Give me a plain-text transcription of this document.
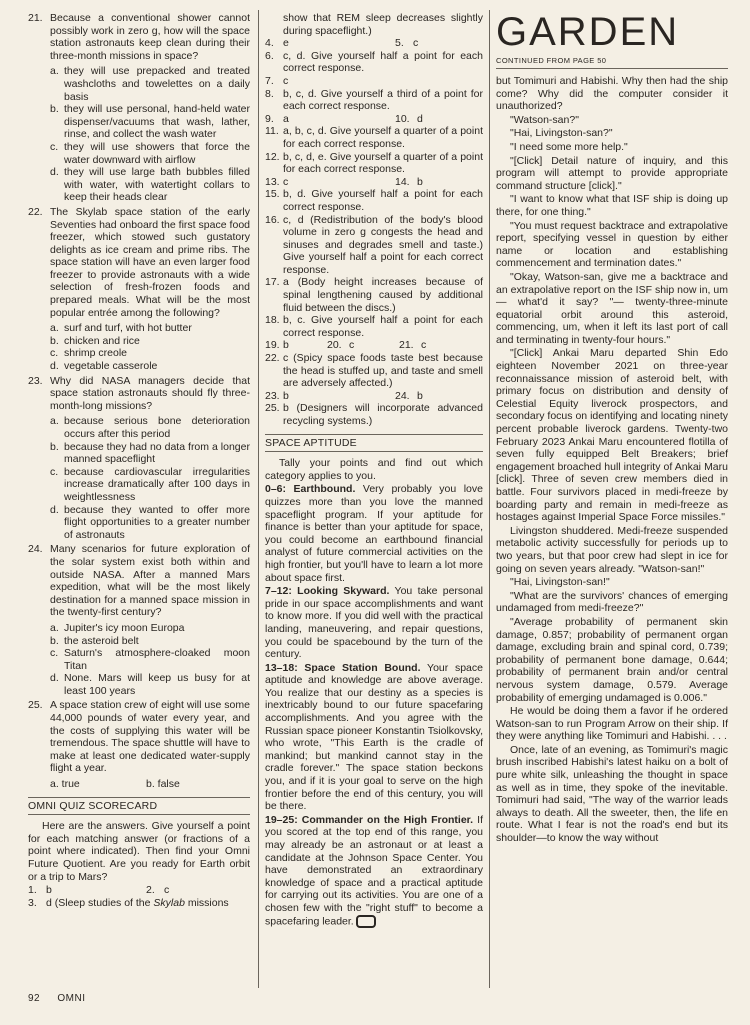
21. Because a conventional shower cannot possibly work in zero g, how will the space station astronauts keep clean during their three-month missions in space?
a. they will use prepacked and treated washcloths and towelettes on a daily basis
b. they will use personal, hand-held water dispenser/vacuums that wash, lather, rinse, and collect the wash water
c. they will use showers that force the water downward with airflow
d. they will use large bath bubbles filled with water, with watertight collars to keep their heads clear
22. The Skylab space station of the early Seventies had onboard the first space food freezer, which stowed such gustatory delights as ice cream and prime ribs. The space station will have an even larger food freezer to provide astronauts with a wide selection of fresh-frozen foods and prepared meals. What will be the most popular entrée among the following?
a. surf and turf, with hot butter
b. chicken and rice
c. shrimp creole
d. vegetable casserole
23. Why did NASA managers decide that space station astronauts should fly three-month-long missions?
a. because serious bone deterioration occurs after this period
b. because they had no data from a longer manned spaceflight
c. because cardiovascular irregularities increase dramatically after 100 days in weightlessness
d. because they wanted to offer more flight opportunities to a greater number of astronauts
24. Many scenarios for future exploration of the solar system exist both within and outside NASA. After a manned Mars expedition, what will be the most likely destination for a manned space mission in the twenty-first century?
a. Jupiter's icy moon Europa
b. the asteroid belt
c. Saturn's atmosphere-cloaked moon Titan
d. None. Mars will keep us busy for at least 100 years
25. A space station crew of eight will use some 44,000 pounds of water every year, and the costs of supplying this water will be tremendous. The space shuttle will have to make at least one dedicated water-supply flight a year.
a. true	b. false
OMNI QUIZ SCORECARD
Here are the answers. Give yourself a point for each matching answer (or fractions of a point where indicated). Then find your Omni Future Quotient. Are you ready for Earth orbit or a trip to Mars?
1. b	2. c
3. d (Sleep studies of the Skylab missions
show that REM sleep decreases slightly during spaceflight.)
4. e	5. c
6. c, d. Give yourself half a point for each correct response.
7. c
8. b, c, d. Give yourself a third of a point for each correct response.
9. a	10. d
11. a, b, c, d. Give yourself a quarter of a point for each correct response.
12. b, c, d, e. Give yourself a quarter of a point for each correct response.
13. c	14. b
15. b, d. Give yourself half a point for each correct response.
16. c, d (Redistribution of the body's blood volume in zero g congests the head and sinuses and degrades smell and taste.) Give yourself half a point for each correct response.
17. a (Body height increases because of spinal lengthening caused by additional fluid between the discs.)
18. b, c. Give yourself half a point for each correct response.
19. b	20. c	21. c
22. c (Spicy space foods taste best because the head is stuffed up, and taste and smell are adversely affected.)
23. b	24. b
25. b (Designers will incorporate advanced recycling systems.)
SPACE APTITUDE
Tally your points and find out which category applies to you.
0–6: Earthbound. Very probably you love quizzes more than you love the manned spaceflight program. If your aptitude for finance is better than your aptitude for space, you could become an earthbound financial analyst of future commercial activities on the high frontier, but you'll have to learn a lot more about space first.
7–12: Looking Skyward. You take personal pride in our space accomplishments and want to know more. If you did well with the practical landing, maneuvering, and repair questions, you could be spacebound by the turn of the century.
13–18: Space Station Bound. Your space aptitude and knowledge are above average. You realize that our destiny as a species is inextricably bound to our future spacefaring accomplishments. And you agree with the Russian space pioneer Konstantin Tsiolkovsky, who wrote, "This Earth is the cradle of mankind; but mankind cannot stay in the cradle forever." The space station beckons you, and if it is your goal to serve on the high frontier before the end of this century, you will be there.
19–25: Commander on the High Frontier. If you scored at the top end of this range, you may already be an astronaut or at least a candidate at the Johnson Space Center. You have demonstrated an extraordinary knowledge of space and a practical aptitude for carrying out its activities. You are one of a chosen few with the "right stuff" to become a spacefaring leader.
GARDEN
CONTINUED FROM PAGE 50
but Tomimuri and Habishi. Why then had the ship come? Why did the computer consider it unauthorized?
"Watson-san?"
"Hai, Livingston-san?"
"I need some more help."
"[Click] Detail nature of inquiry, and this program will attempt to provide appropriate command structure [click]."
"I want to know what that ISF ship is doing up there, for one thing."
"You must request backtrace and extrapolative report, specifying vessel in question by either name or location and establishing commencement and termination dates."
"Okay, Watson-san, give me a backtrace and an extrapolative report on the ISF ship now in, um— what'd it say? "— twenty-three-minute equatorial orbit around this asteroid, commencing, um, when it left its last port of call and terminating in twenty-four hours."
"[Click] Ankai Maru departed Shin Edo eighteen November 2021 on three-year reconnaissance mission of asteroid belt, with primary focus on distribution and density of Celestial Equity liverock prospectors, and secondary focus on identifying and locating ninety percent probable liverock gardens. Twenty-two February 2023 Ankai Maru encountered flotilla of seven fully equipped Belt Breakers; brief engagement broached hull integrity of Ankai Maru [click]. Three of seven crew members died in battle. Four survivors placed in medi-freeze by boarding party and remain in medi-freeze as hostages against Imperial Space Force missiles."
Livingston shuddered. Medi-freeze suspended metabolic activity successfully for periods up to two years, but that poor crew had slept in ice for going on seven years already. "Watson-san!"
"Hai, Livingston-san!"
"What are the survivors' chances of emerging undamaged from medi-freeze?"
"Average probability of permanent skin damage, 0.857; probability of permanent organ damage, excluding brain and spinal cord, 0.739; probability of permanent bone damage, 0.644; probability of permanent brain and/or central nervous system damage, 0.579. Average probability of emerging undamaged is 0.006."
He would be doing them a favor if he ordered Watson-san to run Program Arrow on their ship. If they were anything like Tomimuri and Habishi. . . .
Once, late of an evening, as Tomimuri's magic brush inscribed Habishi's latest haiku on a bolt of pure white silk, unleashing the thought in space as well as in time, they spoke of the inevitable. Tomimuri had said, "The way of the warrior leads always to death. All the sweeter, then, the life en route. What I fear is not the road's end but its shoulder—to know the way without
92 OMNI
